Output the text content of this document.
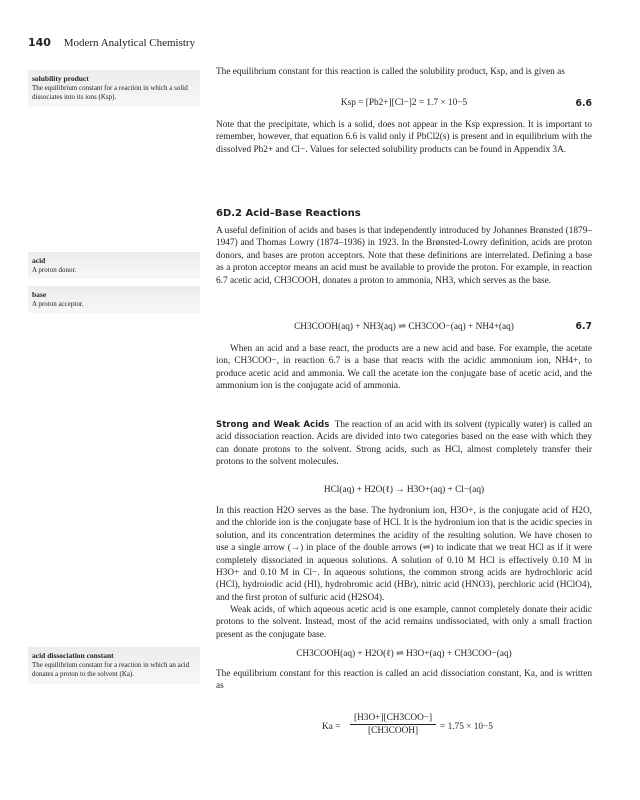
140 Modern Analytical Chemistry
solubility product
The equilibrium constant for a reaction in which a solid dissociates into its ions (Ksp).
acid
A proton donor.
base
A proton acceptor.
acid dissociation constant
The equilibrium constant for a reaction in which an acid donates a proton to the solvent (Ka).

The equilibrium constant for this reaction is called the solubility product, Ksp, and is given as

Ksp = [Pb2+][Cl−]2 = 1.7 × 10−5	6.6

Note that the precipitate, which is a solid, does not appear in the Ksp expression. It is important to remember, however, that equation 6.6 is valid only if PbCl2(s) is present and in equilibrium with the dissolved Pb2+ and Cl−. Values for selected solubility products can be found in Appendix 3A.

6D.2 Acid–Base Reactions

A useful definition of acids and bases is that independently introduced by Johannes Brønsted (1879–1947) and Thomas Lowry (1874–1936) in 1923. In the Brønsted-Lowry definition, acids are proton donors, and bases are proton acceptors. Note that these definitions are interrelated. Defining a base as a proton acceptor means an acid must be available to provide the proton. For example, in reaction 6.7 acetic acid, CH3COOH, donates a proton to ammonia, NH3, which serves as the base.

CH3COOH(aq) + NH3(aq) ⇌ CH3COO−(aq) + NH4+(aq)	6.7

When an acid and a base react, the products are a new acid and base. For example, the acetate ion, CH3COO−, in reaction 6.7 is a base that reacts with the acidic ammonium ion, NH4+, to produce acetic acid and ammonia. We call the acetate ion the conjugate base of acetic acid, and the ammonium ion is the conjugate acid of ammonia.

Strong and Weak Acids The reaction of an acid with its solvent (typically water) is called an acid dissociation reaction. Acids are divided into two categories based on the ease with which they can donate protons to the solvent. Strong acids, such as HCl, almost completely transfer their protons to the solvent molecules.

HCl(aq) + H2O(ℓ) → H3O+(aq) + Cl−(aq)

In this reaction H2O serves as the base. The hydronium ion, H3O+, is the conjugate acid of H2O, and the chloride ion is the conjugate base of HCl. It is the hydronium ion that is the acidic species in solution, and its concentration determines the acidity of the resulting solution. We have chosen to use a single arrow (→) in place of the double arrows (⇌) to indicate that we treat HCl as if it were completely dissociated in aqueous solutions. A solution of 0.10 M HCl is effectively 0.10 M in H3O+ and 0.10 M in Cl−. In aqueous solutions, the common strong acids are hydrochloric acid (HCl), hydroiodic acid (HI), hydrobromic acid (HBr), nitric acid (HNO3), perchloric acid (HClO4), and the first proton of sulfuric acid (H2SO4).

Weak acids, of which aqueous acetic acid is one example, cannot completely donate their acidic protons to the solvent. Instead, most of the acid remains undissociated, with only a small fraction present as the conjugate base.

CH3COOH(aq) + H2O(ℓ) ⇌ H3O+(aq) + CH3COO−(aq)

The equilibrium constant for this reaction is called an acid dissociation constant, Ka, and is written as

Ka =
[H3O+][CH3COO−]
[CH3COOH]	= 1.75 × 10−5
